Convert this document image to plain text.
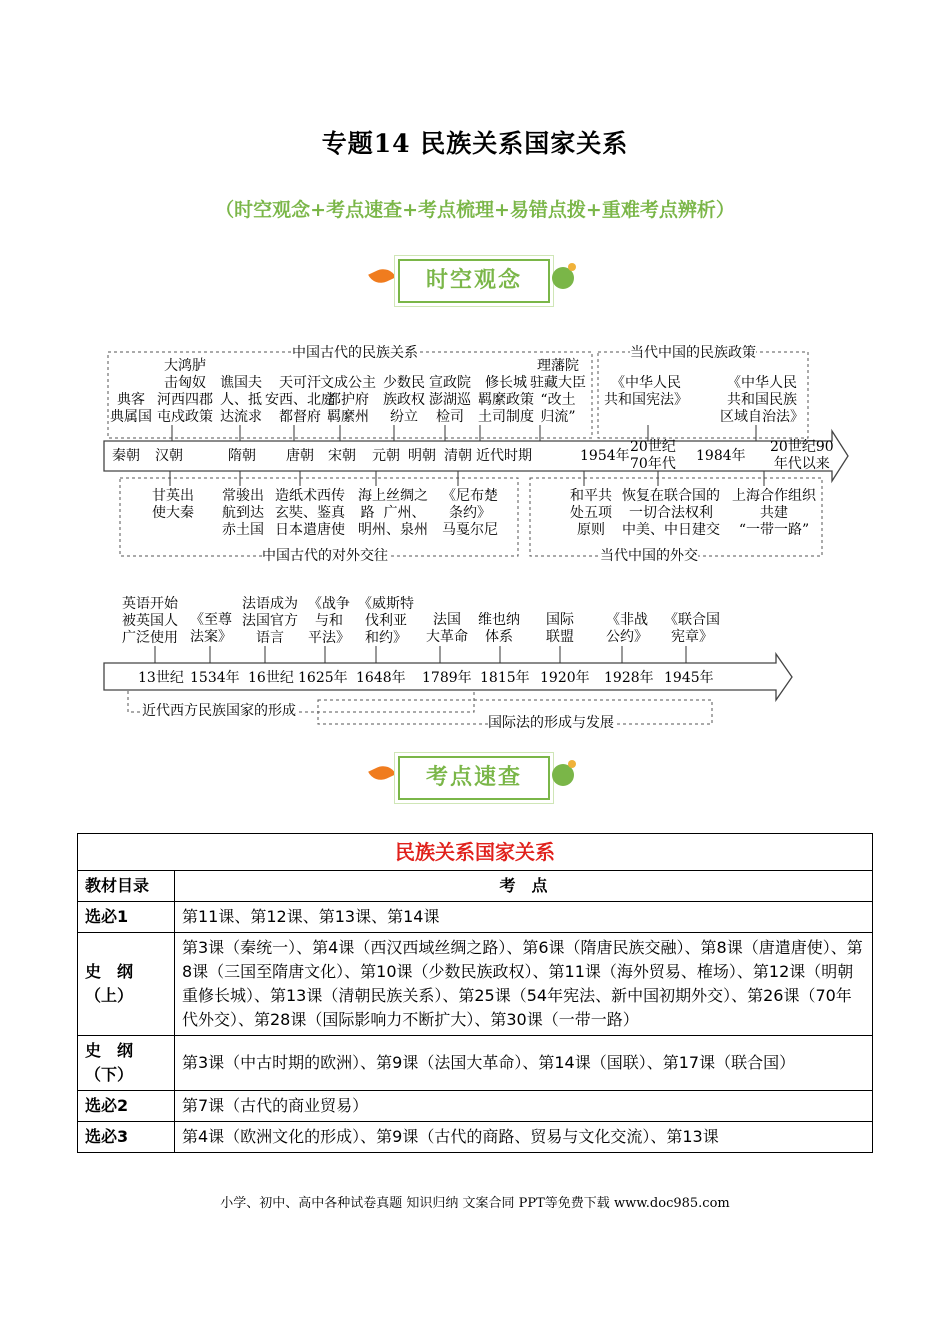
专题14 民族关系国家关系
（时空观念+考点速查+考点梳理+易错点拨+重难考点辨析）
时空观念
中国古代的民族关系	当代中国的民族政策
中国古代的对外交往	当代中国的外交
近代西方民族国家的形成
国际法的形成与发展
秦朝 汉朝	隋朝 唐朝 宋朝 元朝 明朝 清朝 近代时期	1954年
20世纪
70年代 1984年
20世纪90
年代以来
典客
典属国
大鸿胪
击匈奴
河西四郡
屯戍政策
谯国夫
人、抵
达流求
天可汗
安西、北庭
都督府
文成公主
都护府
羁縻州
少数民
族政权
纷立
宣政院
澎湖巡
检司
修长城
羁縻政策
土司制度
理藩院
驻藏大臣
“改土
归流”
《中华人民
共和国宪法》
《中华人民
共和国民族
区域自治法》
甘英出
使大秦
常骏出
航到达
赤土国
造纸术西传
玄奘、鉴真
日本遣唐使
海上丝绸之
路  广州、
明州、泉州
《尼布楚
条约》
马戛尔尼
和平共
处五项
原则
恢复在联合国的
一切合法权利
中美、中日建交
上海合作组织
共建
“一带一路”
13世纪 1534年 16世纪 1625年 1648年 1789年 1815年 1920年 1928年 1945年
英语开始
被英国人
广泛使用
《至尊
法案》
法语成为
法国官方
语言
《战争
与和
平法》
《威斯特
伐利亚
和约》
法国
大革命
维也纳
体系
国际
联盟
《非战
公约》
《联合国
宪章》
考点速查
民族关系国家关系	
教材目录	考　点
选必1	第11课、第12课、第13课、第14课
史　纲
（上）	第3课（秦统一）、第4课（西汉西域丝绸之路）、第6课（隋唐民族交融）、第8课（唐遣唐使）、第8课（三国至隋唐文化）、第10课（少数民族政权）、第11课（海外贸易、榷场）、第12课（明朝重修长城）、第13课（清朝民族关系）、第25课（54年宪法、新中国初期外交）、第26课（70年代外交）、第28课（国际影响力不断扩大）、第30课（一带一路）
史　纲
（下）	第3课（中古时期的欧洲）、第9课（法国大革命）、第14课（国联）、第17课（联合国）
选必2	第7课（古代的商业贸易）
选必3	第4课（欧洲文化的形成）、第9课（古代的商路、贸易与文化交流）、第13课
小学、初中、高中各种试卷真题 知识归纳 文案合同 PPT等免费下载 www.doc985.com
